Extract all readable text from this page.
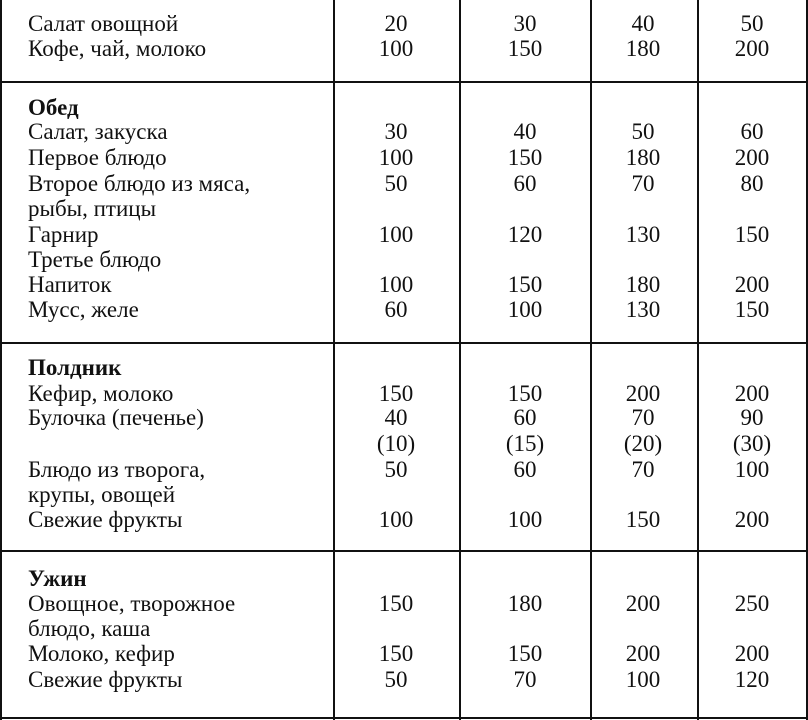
Салат овощной	20	30	40	50
Кофе, чай, молоко	100	150	180	200
Обед
Салат, закуска	30	40	50	60
Первое блюдо	100	150	180	200
Второе блюдо из мяса,	50	60	70	80
рыбы, птицы
Гарнир	100	120	130	150
Третье блюдо
Напиток	100	150	180	200
Мусс, желе	60	100	130	150
Полдник
Кефир, молоко	150	150	200	200
Булочка (печенье)	40	60	70	90
(10)	(15)	(20)	(30)
Блюдо из творога,	50	60	70	100
крупы, овощей
Свежие фрукты	100	100	150	200
Ужин
Овощное, творожное	150	180	200	250
блюдо, каша
Молоко, кефир	150	150	200	200
Свежие фрукты	50	70	100	120
